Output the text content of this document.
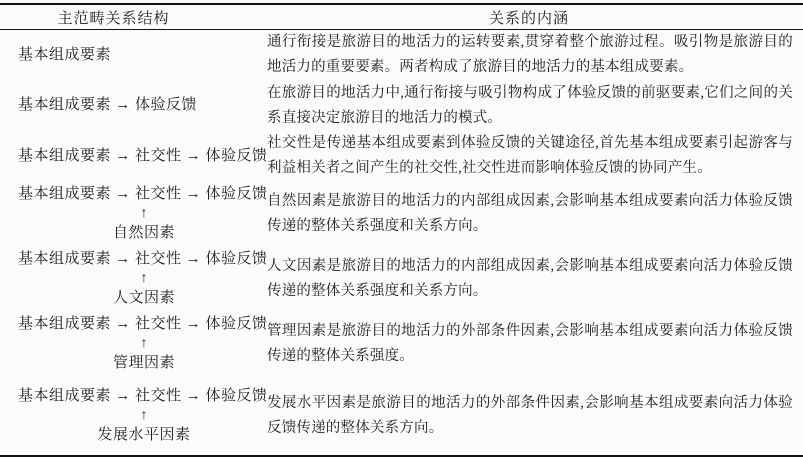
主范畴关系结构	关系的内涵
基本组成要素
通行衔接是旅游目的地活力的运转要素,贯穿着整个旅游过程。吸引物是旅游目的地活力的重要要素。两者构成了旅游目的地活力的基本组成要素。
基本组成要素 → 体验反馈
在旅游目的地活力中,通行衔接与吸引物构成了体验反馈的前驱要素,它们之间的关系直接决定旅游目的地活力的模式。
基本组成要素 → 社交性 → 体验反馈
社交性是传递基本组成要素到体验反馈的关键途径,首先基本组成要素引起游客与利益相关者之间产生的社交性,社交性进而影响体验反馈的协同产生。
基本组成要素 → 社交性 → 体验反馈
↑
自然因素
自然因素是旅游目的地活力的内部组成因素,会影响基本组成要素向活力体验反馈传递的整体关系强度和关系方向。
基本组成要素 → 社交性 → 体验反馈
↑
人文因素
人文因素是旅游目的地活力的内部组成因素,会影响基本组成要素向活力体验反馈传递的整体关系强度和关系方向。
基本组成要素 → 社交性 → 体验反馈
↑
管理因素
管理因素是旅游目的地活力的外部条件因素,会影响基本组成要素向活力体验反馈传递的整体关系强度。
基本组成要素 → 社交性 → 体验反馈
↑
发展水平因素
发展水平因素是旅游目的地活力的外部条件因素,会影响基本组成要素向活力体验反馈传递的整体关系方向。
